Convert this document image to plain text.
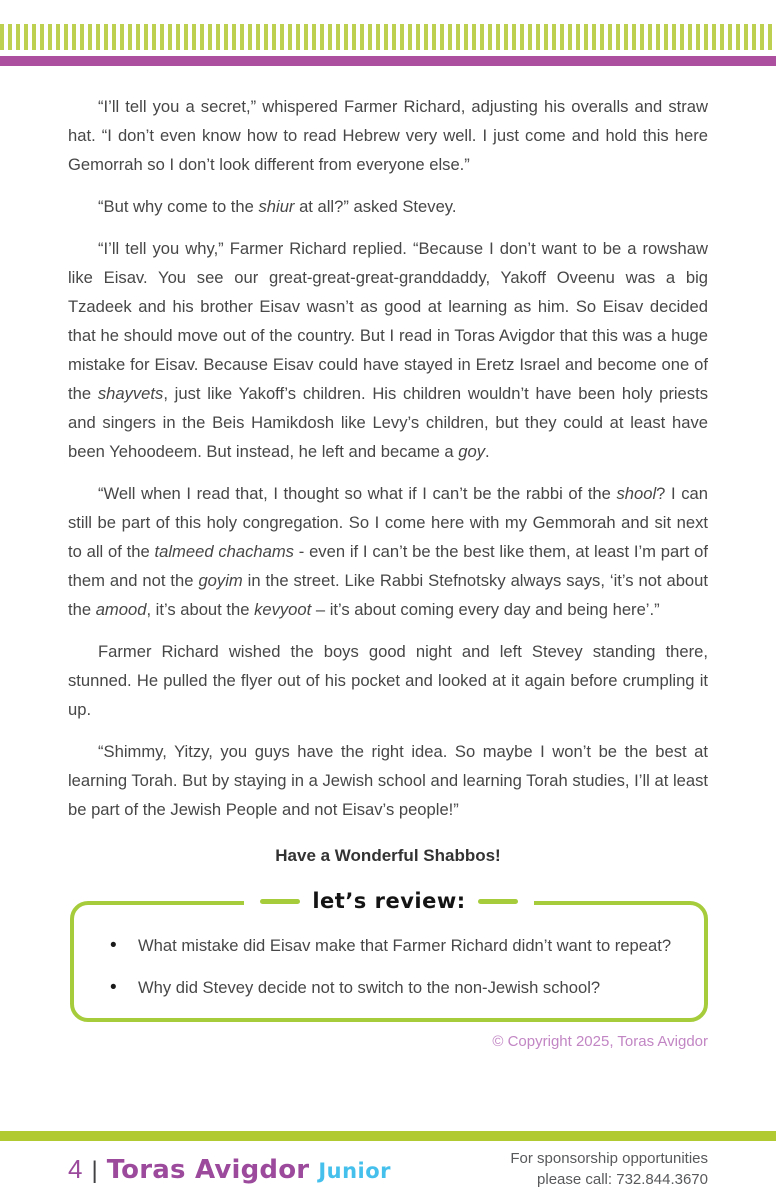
“I’ll tell you a secret,” whispered Farmer Richard, adjusting his overalls and straw hat. “I don’t even know how to read Hebrew very well. I just come and hold this here Gemorrah so I don’t look different from everyone else.”

“But why come to the shiur at all?” asked Stevey.

“I’ll tell you why,” Farmer Richard replied. “Because I don’t want to be a rowshaw like Eisav. You see our great-great-great-granddaddy, Yakoff Oveenu was a big Tzadeek and his brother Eisav wasn’t as good at learning as him. So Eisav decided that he should move out of the country. But I read in Toras Avigdor that this was a huge mistake for Eisav. Because Eisav could have stayed in Eretz Israel and become one of the shayvets, just like Yakoff’s children. His children wouldn’t have been holy priests and singers in the Beis Hamikdosh like Levy’s children, but they could at least have been Yehoodeem. But instead, he left and became a goy.

“Well when I read that, I thought so what if I can’t be the rabbi of the shool? I can still be part of this holy congregation. So I come here with my Gemmorah and sit next to all of the talmeed chachams - even if I can’t be the best like them, at least I’m part of them and not the goyim in the street. Like Rabbi Stefnotsky always says, ‘it’s not about the amood, it’s about the kevyoot – it’s about coming every day and being here’.”

Farmer Richard wished the boys good night and left Stevey standing there, stunned. He pulled the flyer out of his pocket and looked at it again before crumpling it up.

“Shimmy, Yitzy, you guys have the right idea. So maybe I won’t be the best at learning Torah. But by staying in a Jewish school and learning Torah studies, I’ll at least be part of the Jewish People and not Eisav’s people!”

Have a Wonderful Shabbos!

let’s review:
• What mistake did Eisav make that Farmer Richard didn’t want to repeat?
• Why did Stevey decide not to switch to the non-Jewish school?

© Copyright 2025, Toras Avigdor

4 | Toras Avigdor Junior	For sponsorship opportunities
please call: 732.844.3670
